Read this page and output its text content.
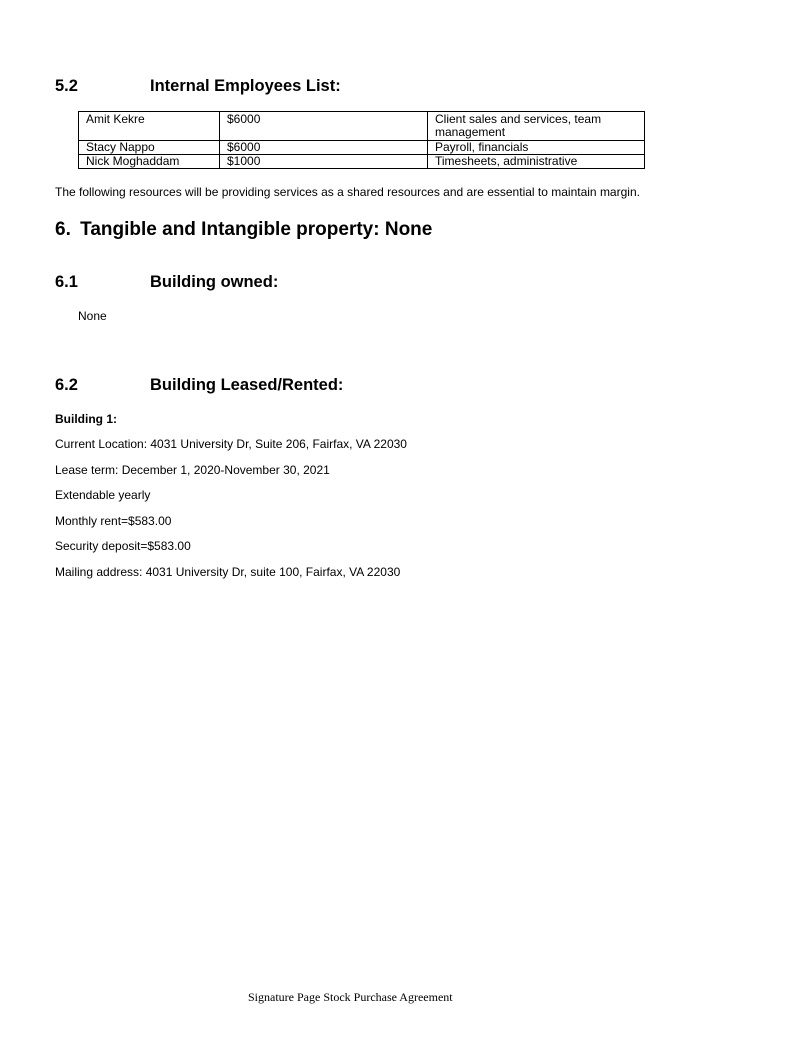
5.2	Internal Employees List:
Amit Kekre	$6000	Client sales and services, team management
Stacy Nappo	$6000	Payroll, financials
Nick Moghaddam	$1000	Timesheets, administrative
The following resources will be providing services as a shared resources and are essential to maintain margin.
6. Tangible and Intangible property: None
6.1	Building owned:
None
6.2	Building Leased/Rented:
Building 1:
Current Location: 4031 University Dr, Suite 206, Fairfax, VA 22030
Lease term: December 1, 2020-November 30, 2021
Extendable yearly
Monthly rent=$583.00
Security deposit=$583.00
Mailing address: 4031 University Dr, suite 100, Fairfax, VA 22030
Signature Page Stock Purchase Agreement
